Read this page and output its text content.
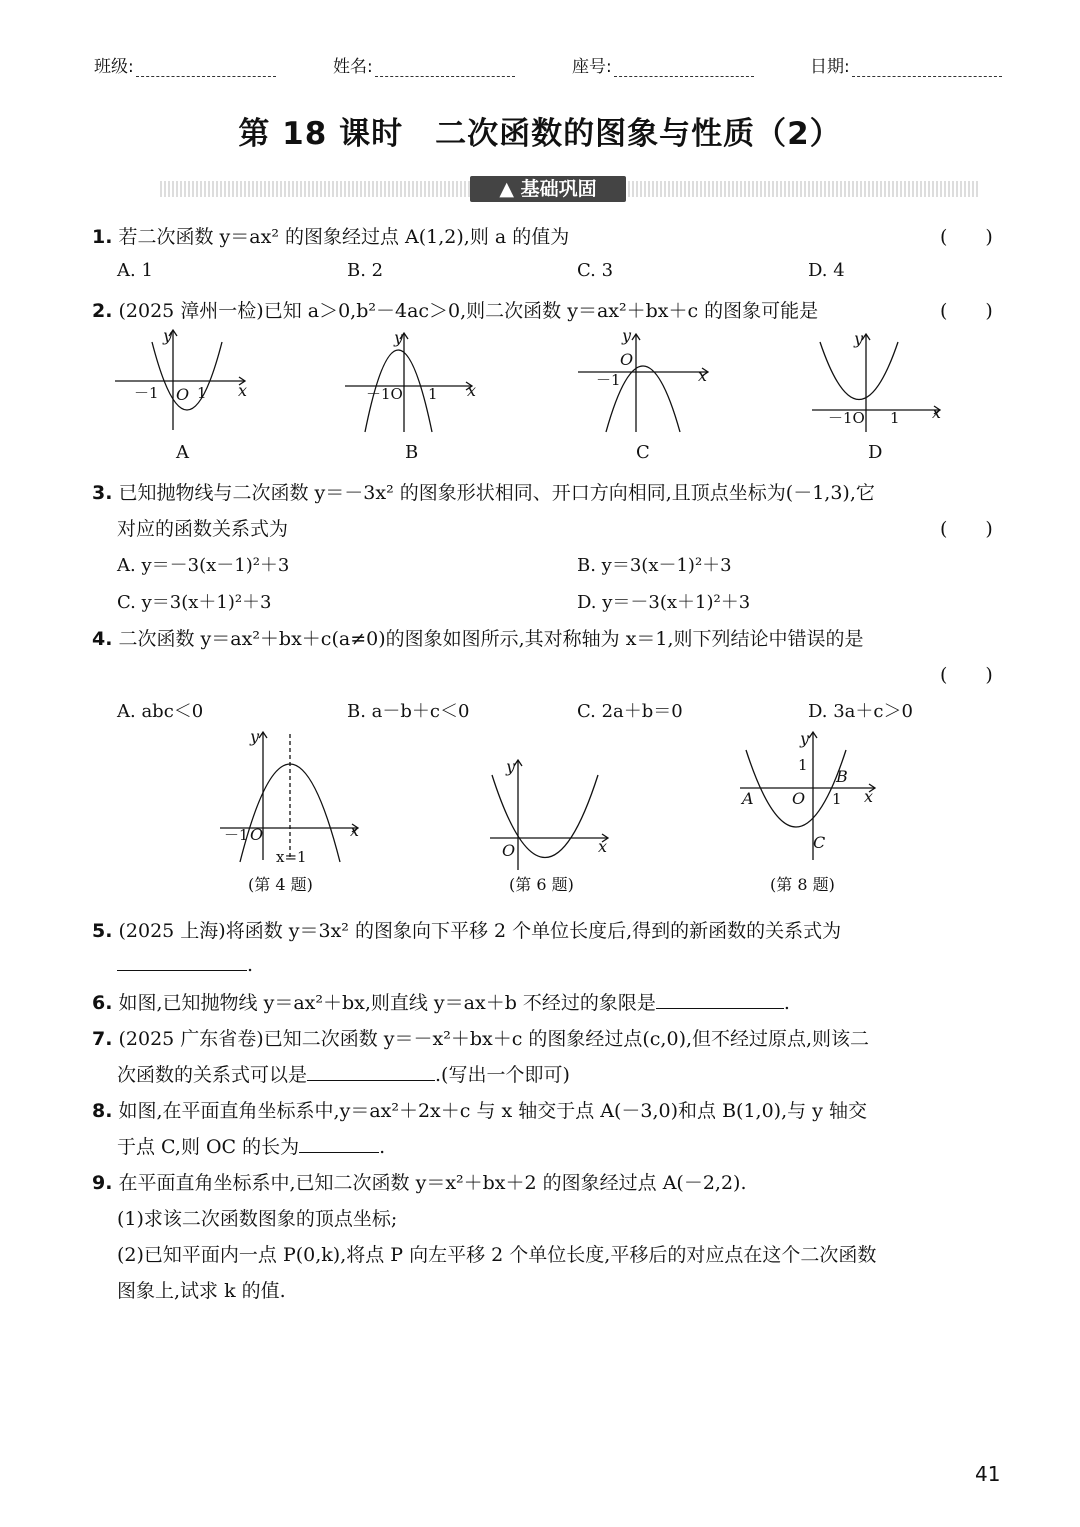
班级:	姓名:	座号:	日期:
第 18 课时　二次函数的图象与性质（2）
▲ 基础巩固
1. 若二次函数 y＝ax² 的图象经过点 A(1,2),则 a 的值为	(　　)
A. 1	B. 2	C. 3	D. 4
2. (2025 漳州一检)已知 a＞0,b²－4ac＞0,则二次函数 y＝ax²＋bx＋c 的图象可能是	(　　)
y
x
O
y
x
y
x
O
y
x
－1	1	－1O 1
－1
－1O 1
A	B	C	D
3. 已知抛物线与二次函数 y＝－3x² 的图象形状相同、开口方向相同,且顶点坐标为(－1,3),它
对应的函数关系式为	(　　)
A. y＝－3(x－1)²＋3	B. y＝3(x－1)²＋3
C. y＝3(x＋1)²＋3	D. y＝－3(x＋1)²＋3
4. 二次函数 y＝ax²＋bx＋c(a≠0)的图象如图所示,其对称轴为 x＝1,则下列结论中错误的是
(　　)
A. abc＜0	B. a－b＋c＜0	C. 2a＋b＝0	D. 3a＋c＞0
y
x
O
y
x
O
y
x
O
A
B
C
－1
x=1
1
1
(第 4 题)	(第 6 题)	(第 8 题)
5. (2025 上海)将函数 y＝3x² 的图象向下平移 2 个单位长度后,得到的新函数的关系式为
.
6. 如图,已知抛物线 y＝ax²＋bx,则直线 y＝ax＋b 不经过的象限是	.
7. (2025 广东省卷)已知二次函数 y＝－x²＋bx＋c 的图象经过点(c,0),但不经过原点,则该二
次函数的关系式可以是	.(写出一个即可)
8. 如图,在平面直角坐标系中,y＝ax²＋2x＋c 与 x 轴交于点 A(－3,0)和点 B(1,0),与 y 轴交
于点 C,则 OC 的长为	.
9. 在平面直角坐标系中,已知二次函数 y＝x²＋bx＋2 的图象经过点 A(－2,2).
(1)求该二次函数图象的顶点坐标;
(2)已知平面内一点 P(0,k),将点 P 向左平移 2 个单位长度,平移后的对应点在这个二次函数
图象上,试求 k 的值.
41
